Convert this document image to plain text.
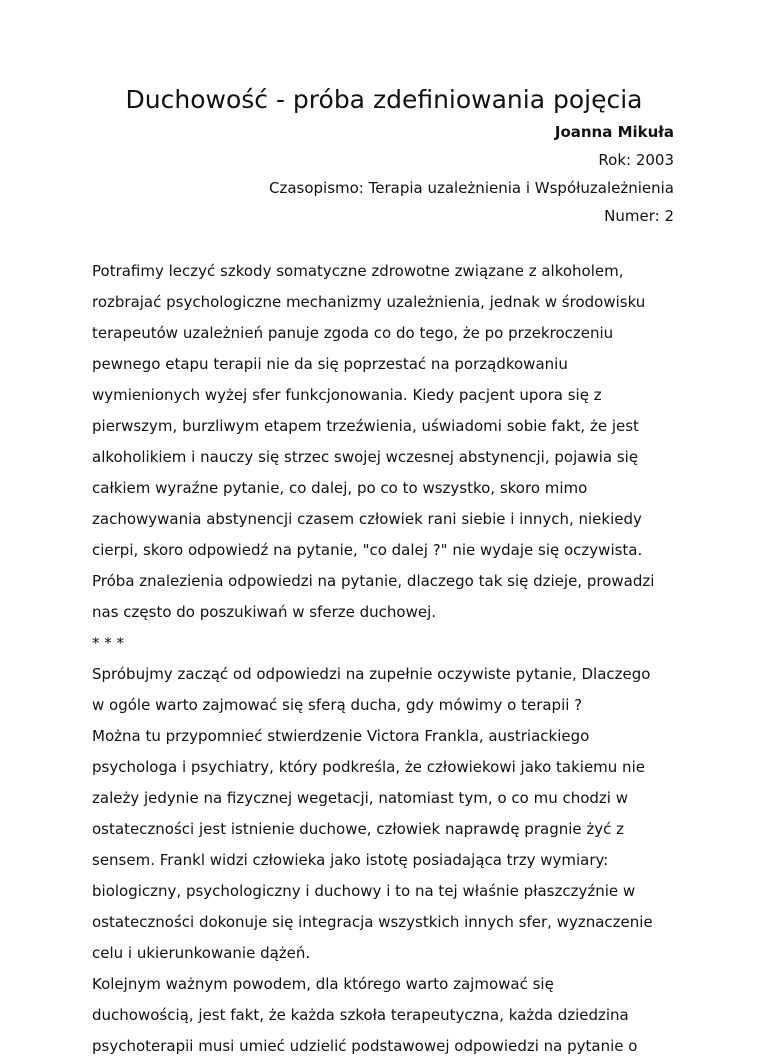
Duchowość - próba zdefiniowania pojęcia
Joanna Mikuła
Rok: 2003
Czasopismo: Terapia uzależnienia i Współuzależnienia
Numer: 2
Potrafimy leczyć szkody somatyczne zdrowotne związane z alkoholem,
rozbrajać psychologiczne mechanizmy uzależnienia, jednak w środowisku
terapeutów uzależnień panuje zgoda co do tego, że po przekroczeniu
pewnego etapu terapii nie da się poprzestać na porządkowaniu
wymienionych wyżej sfer funkcjonowania. Kiedy pacjent upora się z
pierwszym, burzliwym etapem trzeźwienia, uświadomi sobie fakt, że jest
alkoholikiem i nauczy się strzec swojej wczesnej abstynencji, pojawia się
całkiem wyraźne pytanie, co dalej, po co to wszystko, skoro mimo
zachowywania abstynencji czasem człowiek rani siebie i innych, niekiedy
cierpi, skoro odpowiedź na pytanie, "co dalej ?" nie wydaje się oczywista.
Próba znalezienia odpowiedzi na pytanie, dlaczego tak się dzieje, prowadzi
nas często do poszukiwań w sferze duchowej.
* * *
Spróbujmy zacząć od odpowiedzi na zupełnie oczywiste pytanie, Dlaczego
w ogóle warto zajmować się sferą ducha, gdy mówimy o terapii ?
Można tu przypomnieć stwierdzenie Victora Frankla, austriackiego
psychologa i psychiatry, który podkreśla, że człowiekowi jako takiemu nie
zależy jedynie na fizycznej wegetacji, natomiast tym, o co mu chodzi w
ostateczności jest istnienie duchowe, człowiek naprawdę pragnie żyć z
sensem. Frankl widzi człowieka jako istotę posiadająca trzy wymiary:
biologiczny, psychologiczny i duchowy i to na tej właśnie płaszczyźnie w
ostateczności dokonuje się integracja wszystkich innych sfer, wyznaczenie
celu i ukierunkowanie dążeń.
Kolejnym ważnym powodem, dla którego warto zajmować się
duchowością, jest fakt, że każda szkoła terapeutyczna, każda dziedzina
psychoterapii musi umieć udzielić podstawowej odpowiedzi na pytanie o
